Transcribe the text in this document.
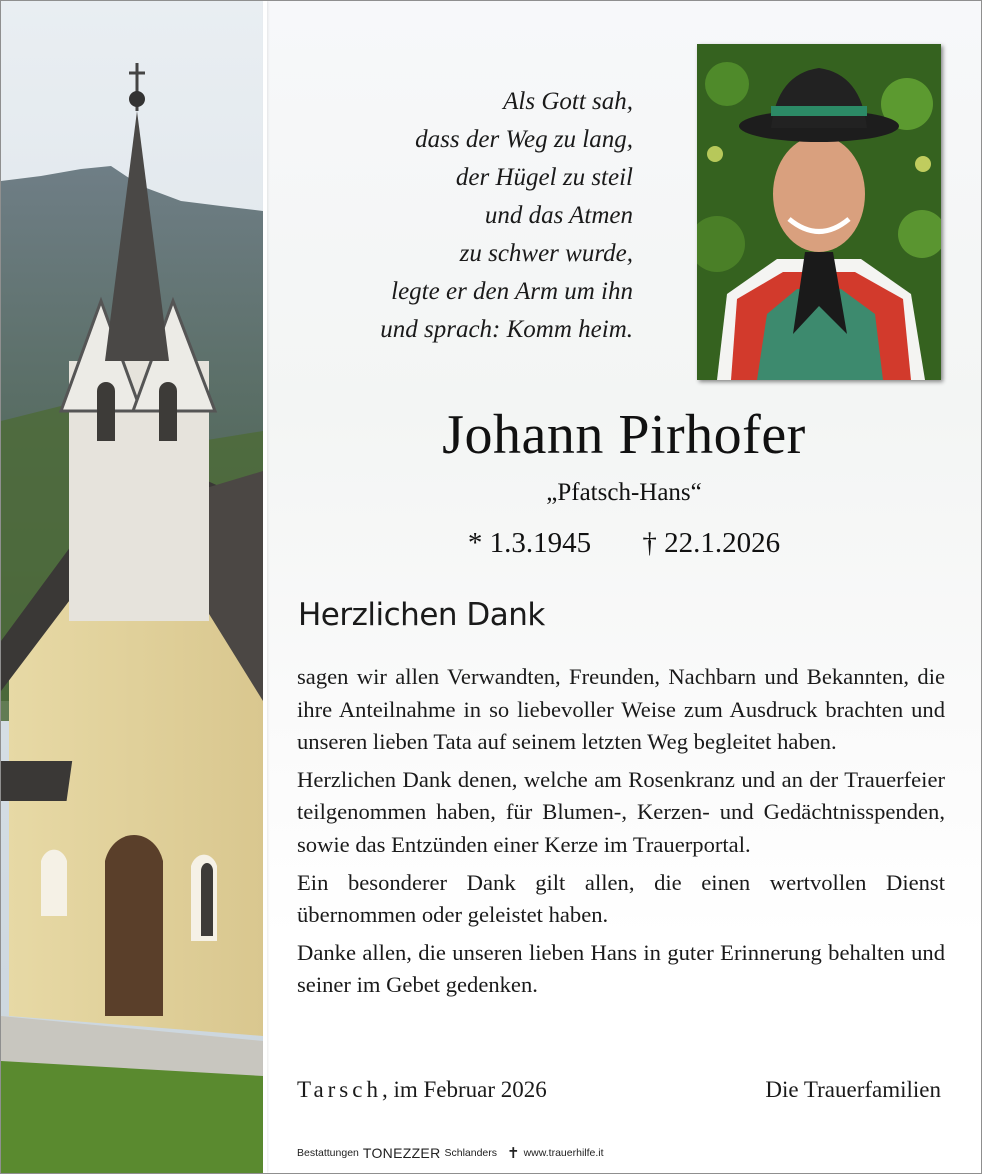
Als Gott sah,
dass der Weg zu lang,
der Hügel zu steil
und das Atmen
zu schwer wurde,
legte er den Arm um ihn
und sprach: Komm heim.
Johann Pirhofer
„Pfatsch-Hans“
* 1.3.1945 † 22.1.2026
Herzlichen Dank

sagen wir allen Verwandten, Freunden, Nachbarn und Bekannten, die ihre Anteilnahme in so liebevoller Weise zum Ausdruck brachten und unseren lieben Tata auf seinem letzten Weg begleitet haben.

Herzlichen Dank denen, welche am Rosenkranz und an der Trauerfeier teilgenommen haben, für Blumen-, Kerzen- und Gedächtnisspenden, sowie das Entzünden einer Kerze im Trauerportal.

Ein besonderer Dank gilt allen, die einen wertvollen Dienst übernommen oder geleistet haben.

Danke allen, die unseren lieben Hans in guter Erinnerung behalten und seiner im Gebet gedenken.

Tarsch, im Februar 2026	Die Trauerfamilien
Bestattungen TONEZZER Schlanders ✝ www.trauerhilfe.it
